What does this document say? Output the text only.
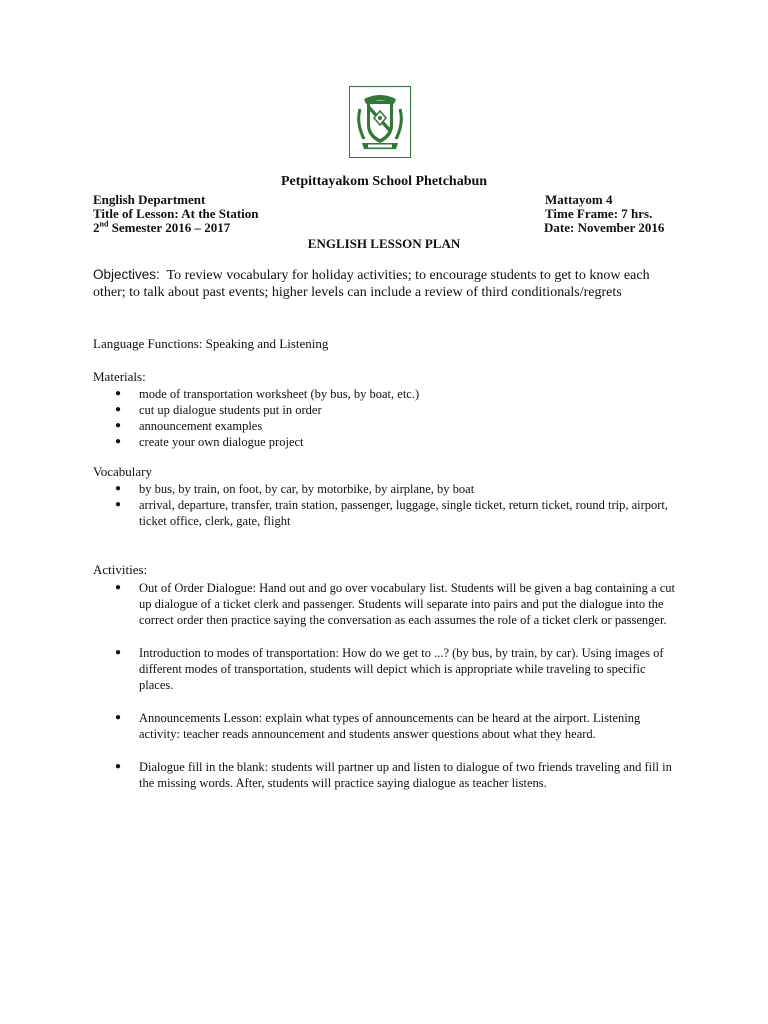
Petpittayakom School Phetchabun
English Department	Mattayom 4
Title of Lesson: At the Station	Time Frame: 7 hrs.
2nd Semester 2016 – 2017	Date: November 2016
ENGLISH LESSON PLAN
Objectives: To review vocabulary for holiday activities; to encourage students to get to know each other; to talk about past events; higher levels can include a review of third conditionals/regrets
Language Functions: Speaking and Listening
Materials:
● mode of transportation worksheet (by bus, by boat, etc.)
● cut up dialogue students put in order
● announcement examples
● create your own dialogue project
Vocabulary
● by bus, by train, on foot, by car, by motorbike, by airplane, by boat
● arrival, departure, transfer, train station, passenger, luggage, single ticket, return ticket, round trip, airport, ticket office, clerk, gate, flight
Activities:
● Out of Order Dialogue: Hand out and go over vocabulary list. Students will be given a bag containing a cut up dialogue of a ticket clerk and passenger. Students will separate into pairs and put the dialogue into the correct order then practice saying the conversation as each assumes the role of a ticket clerk or passenger.
● Introduction to modes of transportation: How do we get to ...? (by bus, by train, by car). Using images of different modes of transportation, students will depict which is appropriate while traveling to specific places.
● Announcements Lesson: explain what types of announcements can be heard at the airport. Listening activity: teacher reads announcement and students answer questions about what they heard.
● Dialogue fill in the blank: students will partner up and listen to dialogue of two friends traveling and fill in the missing words. After, students will practice saying dialogue as teacher listens.
